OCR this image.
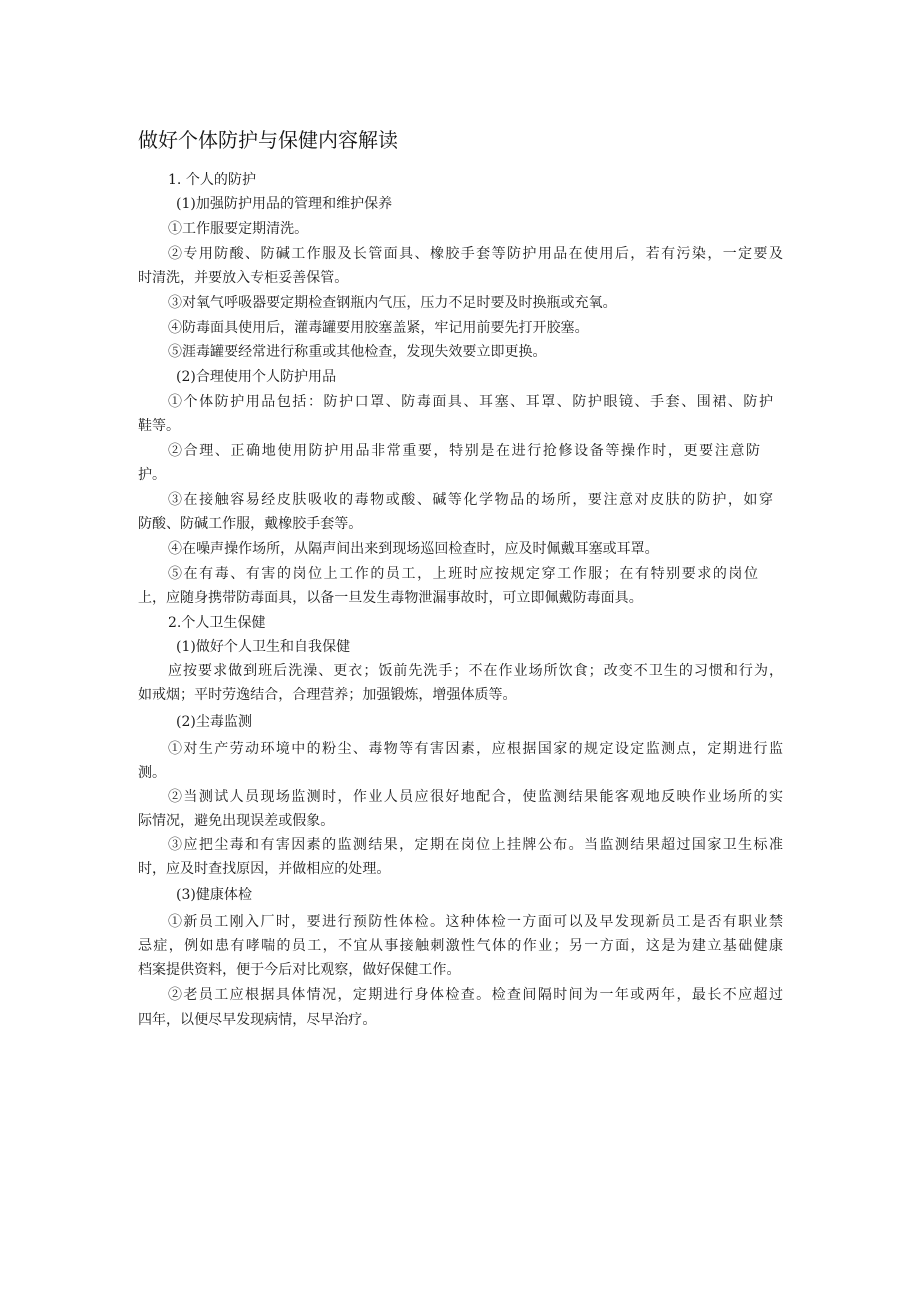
做好个体防护与保健内容解读
1. 个人的防护
(1)加强防护用品的管理和维护保养
①工作服要定期清洗。
②专用防酸、防碱工作服及长管面具、橡胶手套等防护用品在使用后，若有污染，一定要及
时清洗，并要放入专柜妥善保管。
③对氧气呼吸器要定期检查钢瓶内气压，压力不足时要及时换瓶或充氧。
④防毒面具使用后，灌毒罐要用胶塞盖紧，牢记用前要先打开胶塞。
⑤涯毒罐要经常进行称重或其他检查，发现失效要立即更换。
(2)合理使用个人防护用品
①个体防护用品包括：防护口罩、防毒面具、耳塞、耳罩、防护眼镜、手套、围裙、防护
鞋等。
②合理、正确地使用防护用品非常重要，特别是在进行抢修设备等操作时，更要注意防
护。
③在接触容易经皮肤吸收的毒物或酸、碱等化学物品的场所，要注意对皮肤的防护，如穿
防酸、防碱工作服，戴橡胶手套等。
④在噪声操作场所，从隔声间出来到现场巡回检查时，应及时佩戴耳塞或耳罩。
⑤在有毒、有害的岗位上工作的员工，上班时应按规定穿工作服；在有特别要求的岗位
上，应随身携带防毒面具，以备一旦发生毒物泄漏事故时，可立即佩戴防毒面具。
2.个人卫生保健
(1)做好个人卫生和自我保健
应按要求做到班后洗澡、更衣；饭前先洗手；不在作业场所饮食；改变不卫生的习惯和行为，
如戒烟；平时劳逸结合，合理营养；加强锻炼，增强体质等。
(2)尘毒监测
①对生产劳动环境中的粉尘、毒物等有害因素，应根据国家的规定设定监测点，定期进行监
测。
②当测试人员现场监测时，作业人员应很好地配合，使监测结果能客观地反映作业场所的实
际情况，避免出现误差或假象。
③应把尘毒和有害因素的监测结果，定期在岗位上挂牌公布。当监测结果超过国家卫生标准
时，应及时查找原因，并做相应的处理。
(3)健康体检
①新员工刚入厂时，要进行预防性体检。这种体检一方面可以及早发现新员工是否有职业禁
忌症，例如患有哮喘的员工，不宜从事接触刺激性气体的作业；另一方面，这是为建立基础健康
档案提供资料，便于今后对比观察，做好保健工作。
②老员工应根据具体情况，定期进行身体检查。检查间隔时间为一年或两年，最长不应超过
四年，以便尽早发现病情，尽早治疗。
